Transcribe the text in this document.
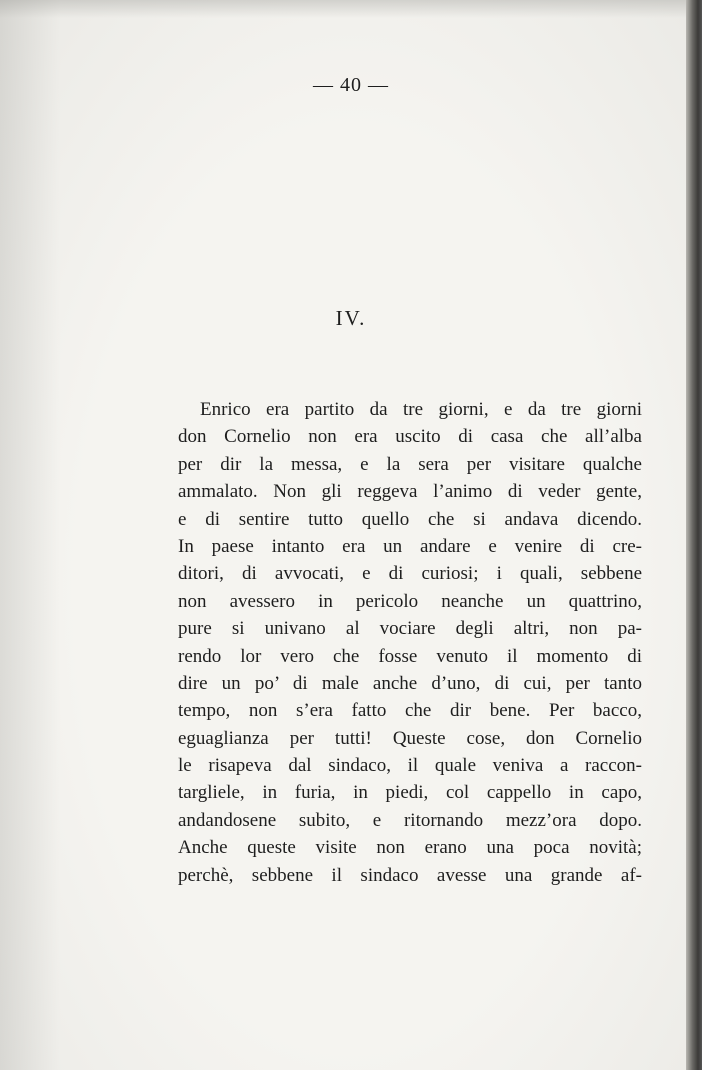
— 40 —
IV.
Enrico era partito da tre giorni, e da tre giorni
don Cornelio non era uscito di casa che all’alba
per dir la messa, e la sera per visitare qualche
ammalato. Non gli reggeva l’animo di veder gente,
e di sentire tutto quello che si andava dicendo.
In paese intanto era un andare e venire di cre-
ditori, di avvocati, e di curiosi; i quali, sebbene
non avessero in pericolo neanche un quattrino,
pure si univano al vociare degli altri, non pa-
rendo lor vero che fosse venuto il momento di
dire un po’ di male anche d’uno, di cui, per tanto
tempo, non s’era fatto che dir bene. Per bacco,
eguaglianza per tutti! Queste cose, don Cornelio
le risapeva dal sindaco, il quale veniva a raccon-
targliele, in furia, in piedi, col cappello in capo,
andandosene subito, e ritornando mezz’ora dopo.
Anche queste visite non erano una poca novità;
perchè, sebbene il sindaco avesse una grande af-
